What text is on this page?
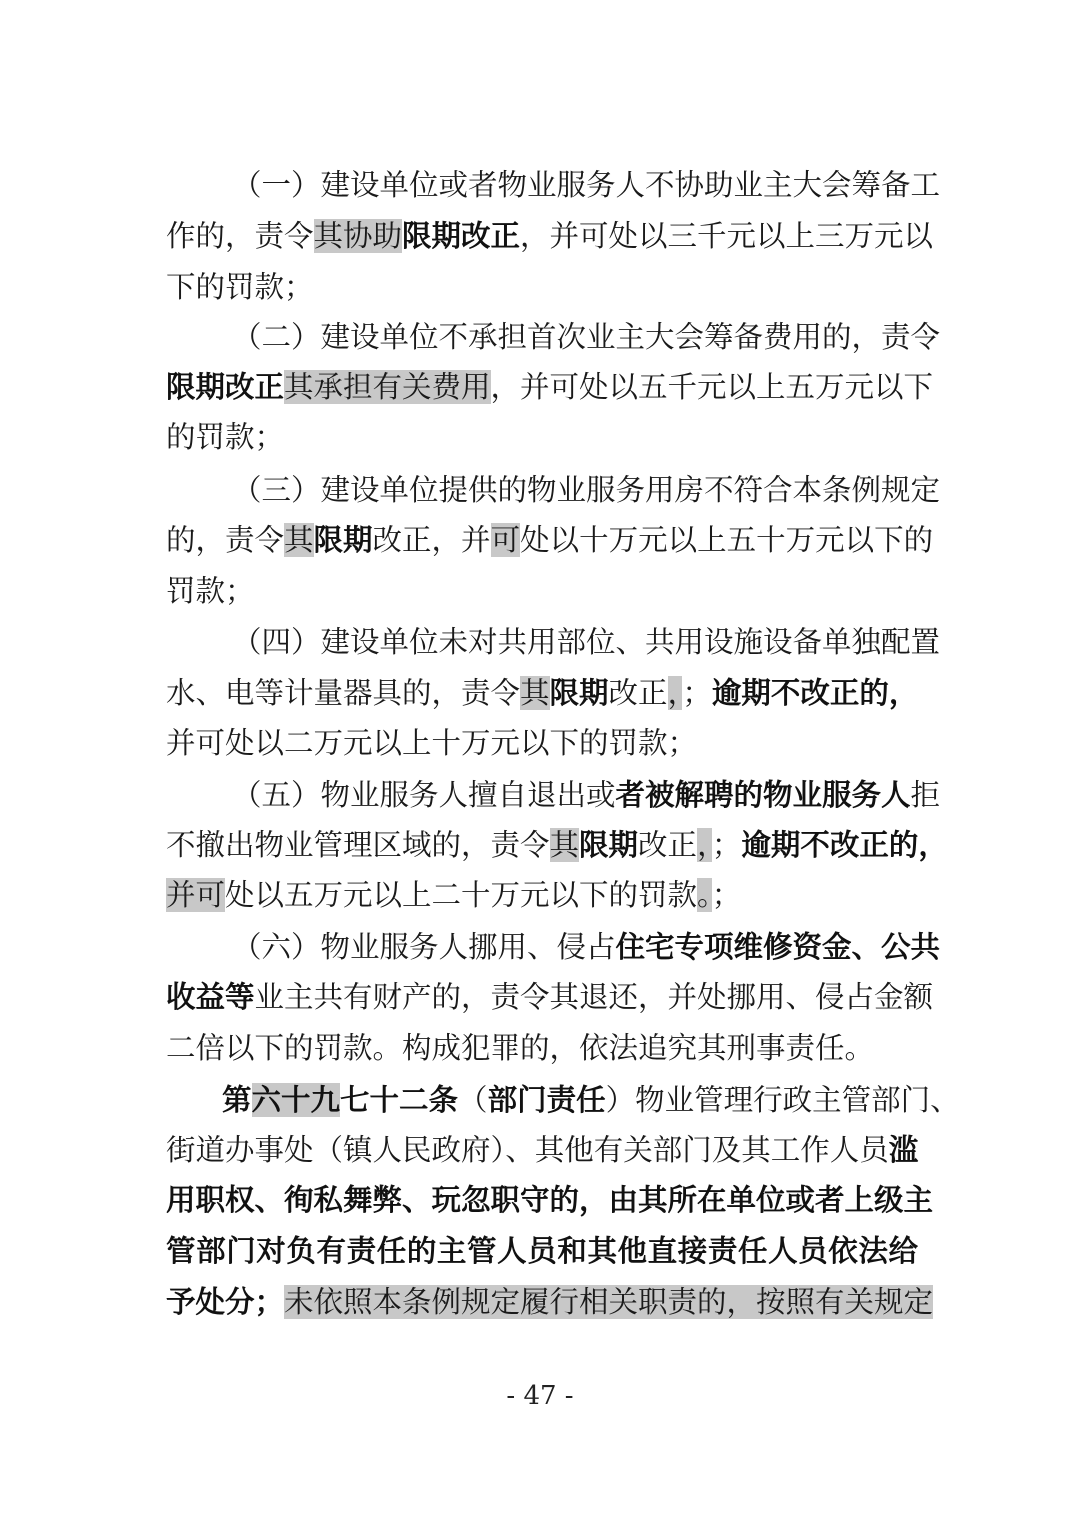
（一）建设单位或者物业服务人不协助业主大会筹备工
作的，责令其协助限期改正，并可处以三千元以上三万元以
下的罚款；
（二）建设单位不承担首次业主大会筹备费用的，责令
限期改正其承担有关费用，并可处以五千元以上五万元以下
的罚款；
（三）建设单位提供的物业服务用房不符合本条例规定
的，责令其限期改正，并可处以十万元以上五十万元以下的
罚款；
（四）建设单位未对共用部位、共用设施设备单独配置
水、电等计量器具的，责令其限期改正，；逾期不改正的，
并可处以二万元以上十万元以下的罚款；
（五）物业服务人擅自退出或者被解聘的物业服务人拒
不撤出物业管理区域的，责令其限期改正，；逾期不改正的，
并可处以五万元以上二十万元以下的罚款。；
（六）物业服务人挪用、侵占住宅专项维修资金、公共
收益等业主共有财产的，责令其退还，并处挪用、侵占金额
二倍以下的罚款。构成犯罪的，依法追究其刑事责任。
第六十九七十二条（部门责任）物业管理行政主管部门、
街道办事处（镇人民政府）、其他有关部门及其工作人员滥
用职权、徇私舞弊、玩忽职守的，由其所在单位或者上级主
管部门对负有责任的主管人员和其他直接责任人员依法给
予处分；未依照本条例规定履行相关职责的，按照有关规定
- 47 -
